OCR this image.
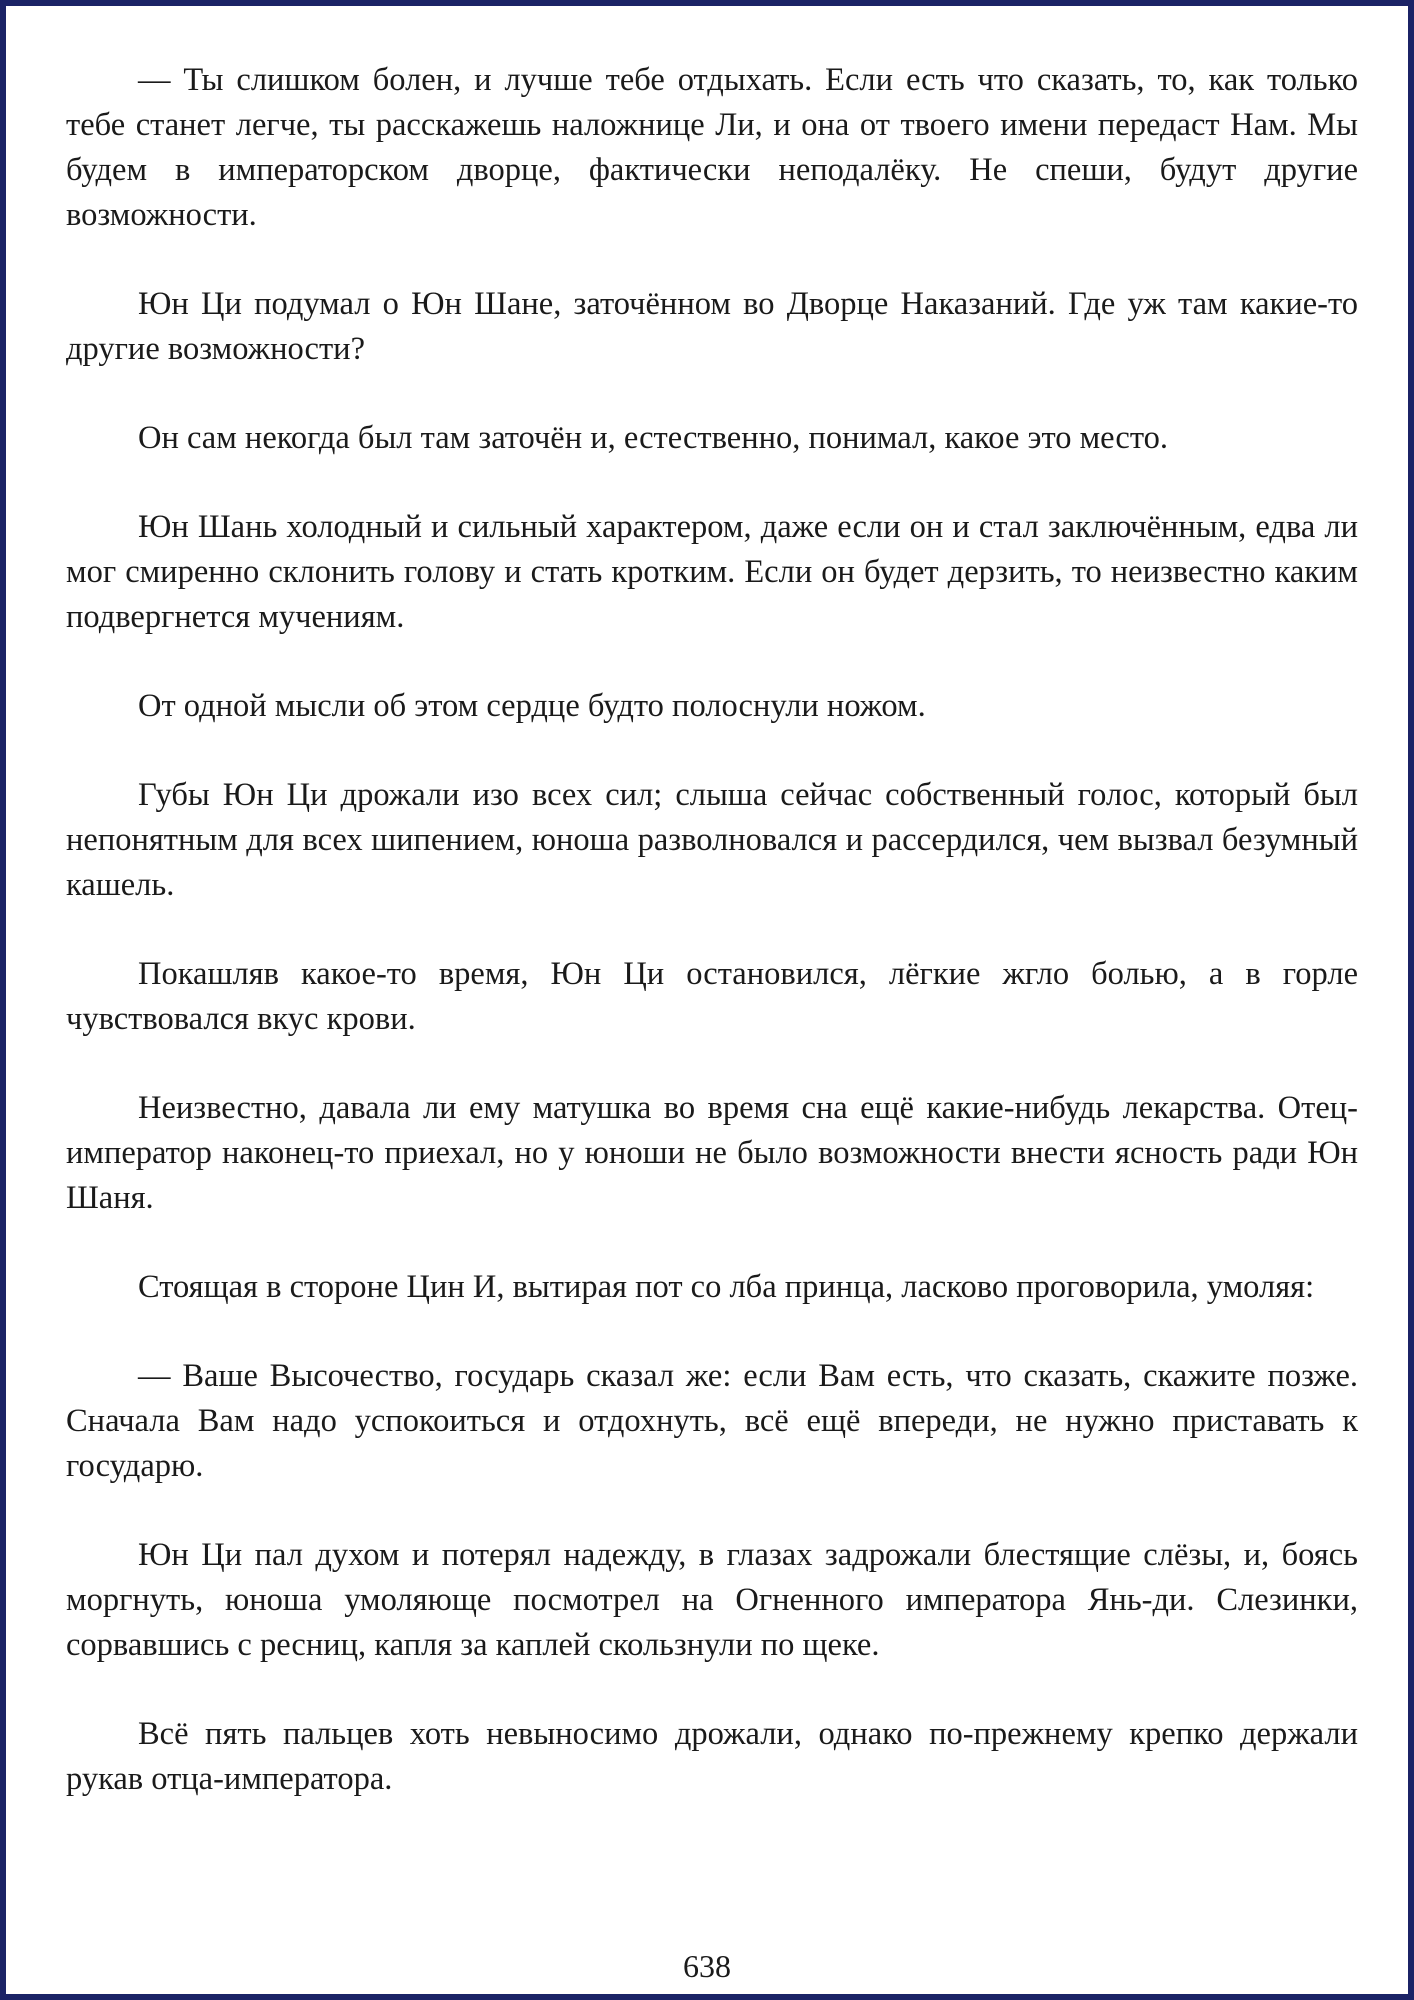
— Ты слишком болен, и лучше тебе отдыхать. Если есть что сказать, то, как только тебе станет легче, ты расскажешь наложнице Ли, и она от твоего имени передаст Нам. Мы будем в императорском дворце, фактически неподалёку. Не спеши, будут другие возможности.

Юн Ци подумал о Юн Шане, заточённом во Дворце Наказаний. Где уж там какие-то другие возможности?

Он сам некогда был там заточён и, естественно, понимал, какое это место.

Юн Шань холодный и сильный характером, даже если он и стал заключённым, едва ли мог смиренно склонить голову и стать кротким. Если он будет дерзить, то неизвестно каким подвергнется мучениям.

От одной мысли об этом сердце будто полоснули ножом.

Губы Юн Ци дрожали изо всех сил; слыша сейчас собственный голос, который был непонятным для всех шипением, юноша разволновался и рассердился, чем вызвал безумный кашель.

Покашляв какое-то время, Юн Ци остановился, лёгкие жгло болью, а в горле чувствовался вкус крови.

Неизвестно, давала ли ему матушка во время сна ещё какие-нибудь лекарства. Отец-император наконец-то приехал, но у юноши не было возможности внести ясность ради Юн Шаня.

Стоящая в стороне Цин И, вытирая пот со лба принца, ласково проговорила, умоляя:

— Ваше Высочество, государь сказал же: если Вам есть, что сказать, скажите позже. Сначала Вам надо успокоиться и отдохнуть, всё ещё впереди, не нужно приставать к государю.

Юн Ци пал духом и потерял надежду, в глазах задрожали блестящие слёзы, и, боясь моргнуть, юноша умоляюще посмотрел на Огненного императора Янь-ди. Слезинки, сорвавшись с ресниц, капля за каплей скользнули по щеке.

Всё пять пальцев хоть невыносимо дрожали, однако по-прежнему крепко держали рукав отца-императора.

638
